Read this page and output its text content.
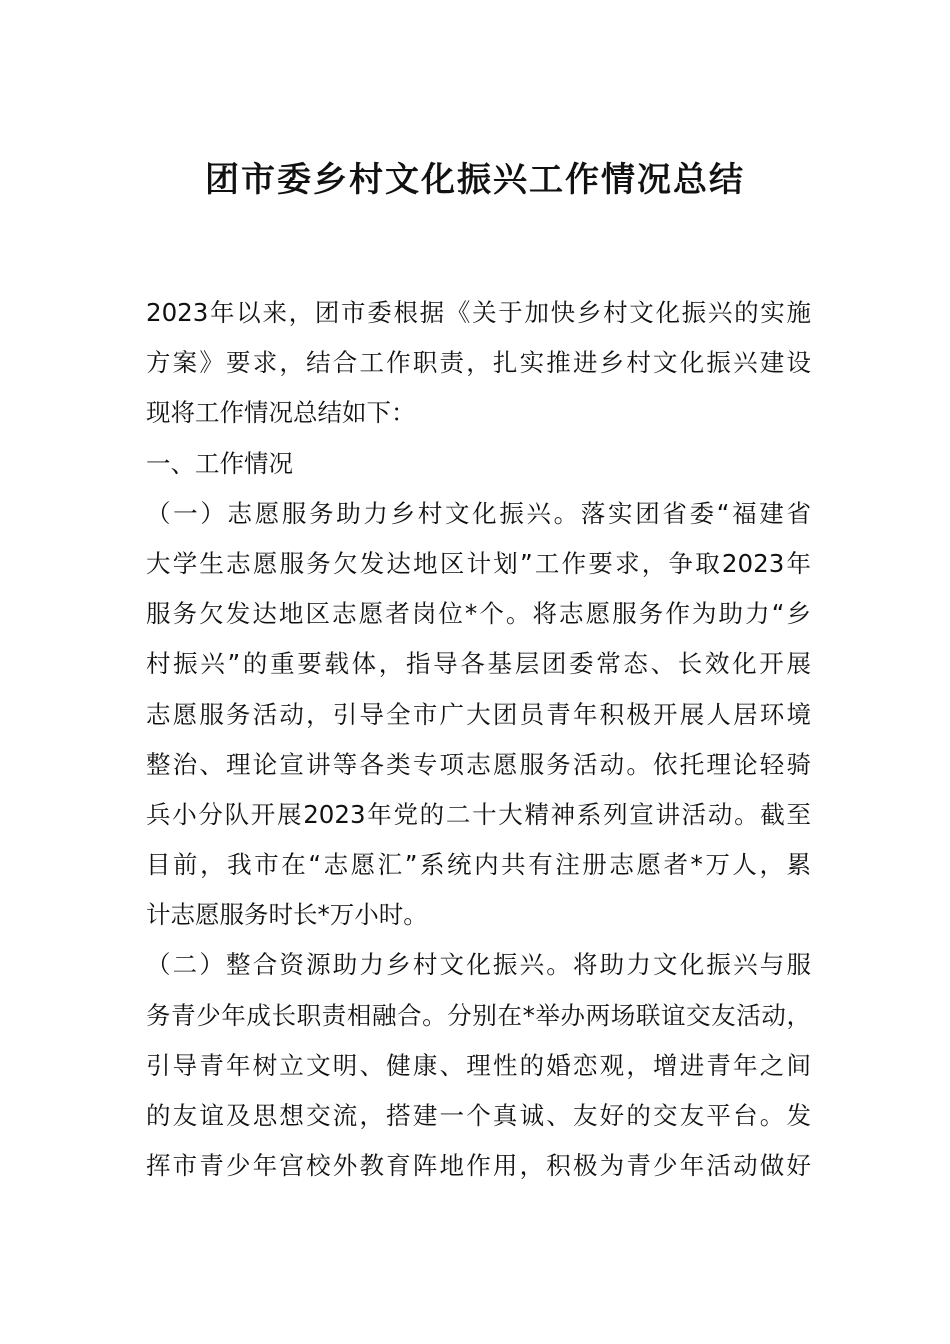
团市委乡村文化振兴工作情况总结
2023年以来，团市委根据《关于加快乡村文化振兴的实施
方案》要求，结合工作职责，扎实推进乡村文化振兴建设
现将工作情况总结如下：
一、工作情况
（一）志愿服务助力乡村文化振兴。落实团省委“福建省
大学生志愿服务欠发达地区计划”工作要求，争取2023年
服务欠发达地区志愿者岗位*个。将志愿服务作为助力“乡
村振兴”的重要载体，指导各基层团委常态、长效化开展
志愿服务活动，引导全市广大团员青年积极开展人居环境
整治、理论宣讲等各类专项志愿服务活动。依托理论轻骑
兵小分队开展2023年党的二十大精神系列宣讲活动。截至
目前，我市在“志愿汇”系统内共有注册志愿者*万人，累
计志愿服务时长*万小时。
（二）整合资源助力乡村文化振兴。将助力文化振兴与服
务青少年成长职责相融合。分别在*举办两场联谊交友活动，
引导青年树立文明、健康、理性的婚恋观，增进青年之间
的友谊及思想交流，搭建一个真诚、友好的交友平台。发
挥市青少年宫校外教育阵地作用，积极为青少年活动做好
